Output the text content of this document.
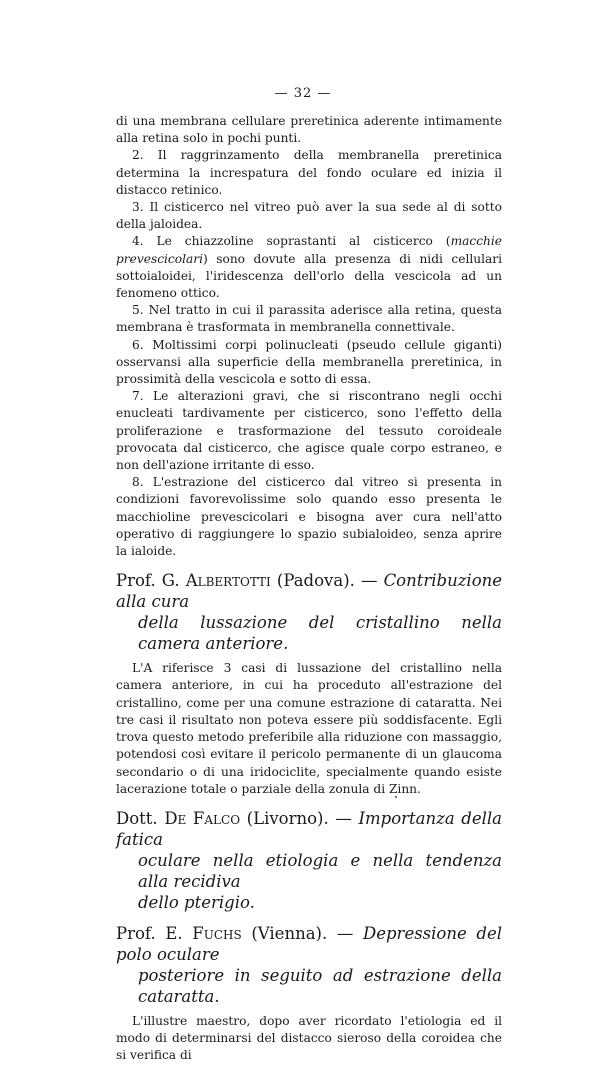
— 32 —

di una membrana cellulare preretinica aderente intimamente alla retina solo in pochi punti.

2. Il raggrinzamento della membranella preretinica determina la increspatura del fondo oculare ed inizia il distacco retinico.

3. Il cisticerco nel vitreo può aver la sua sede al di sotto della jaloidea.

4. Le chiazzoline soprastanti al cisticerco (macchie prevescicolari) sono dovute alla presenza di nidi cellulari sottoialoidei, l'iridescenza dell'orlo della vescicola ad un fenomeno ottico.

5. Nel tratto in cui il parassita aderisce alla retina, questa membrana è trasformata in membranella connettivale.

6. Moltissimi corpi polinucleati (pseudo cellule giganti) osservansi alla superficie della membranella preretinica, in prossimità della vescicola e sotto di essa.

7. Le alterazioni gravi, che si riscontrano negli occhi enucleati tardivamente per cisticerco, sono l'effetto della proliferazione e trasformazione del tessuto coroideale provocata dal cisticerco, che agisce quale corpo estraneo, e non dell'azione irritante di esso.

8. L'estrazione del cisticerco dal vitreo si presenta in condizioni favorevolissime solo quando esso presenta le macchioline prevescicolari e bisogna aver cura nell'atto operativo di raggiungere lo spazio subialoideo, senza aprire la ialoide.

Prof. G. Albertotti (Padova). — Contribuzione alla cura
della lussazione del cristallino nella camera anteriore.

L'A riferisce 3 casi di lussazione del cristallino nella camera anteriore, in cui ha proceduto all'estrazione del cristallino, come per una comune estrazione di cataratta. Nei tre casi il risultato non poteva essere più soddisfacente. Egli trova questo metodo preferibile alla riduzione con massaggio, potendosi così evitare il pericolo permanente di un glaucoma secondario o di una iridociclite, specialmente quando esiste lacerazione totale o parziale della zonula di Zinn.

Dott. De Falco (Livorno). — Importanza della fatica
oculare nella etiologia e nella tendenza alla recidiva
dello pterigio.
Prof. E. Fuchs (Vienna). — Depressione del polo oculare
posteriore in seguito ad estrazione della cataratta.

L'illustre maestro, dopo aver ricordato l'etiologia ed il modo di determinarsi del distacco sieroso della coroidea che si verifica di
